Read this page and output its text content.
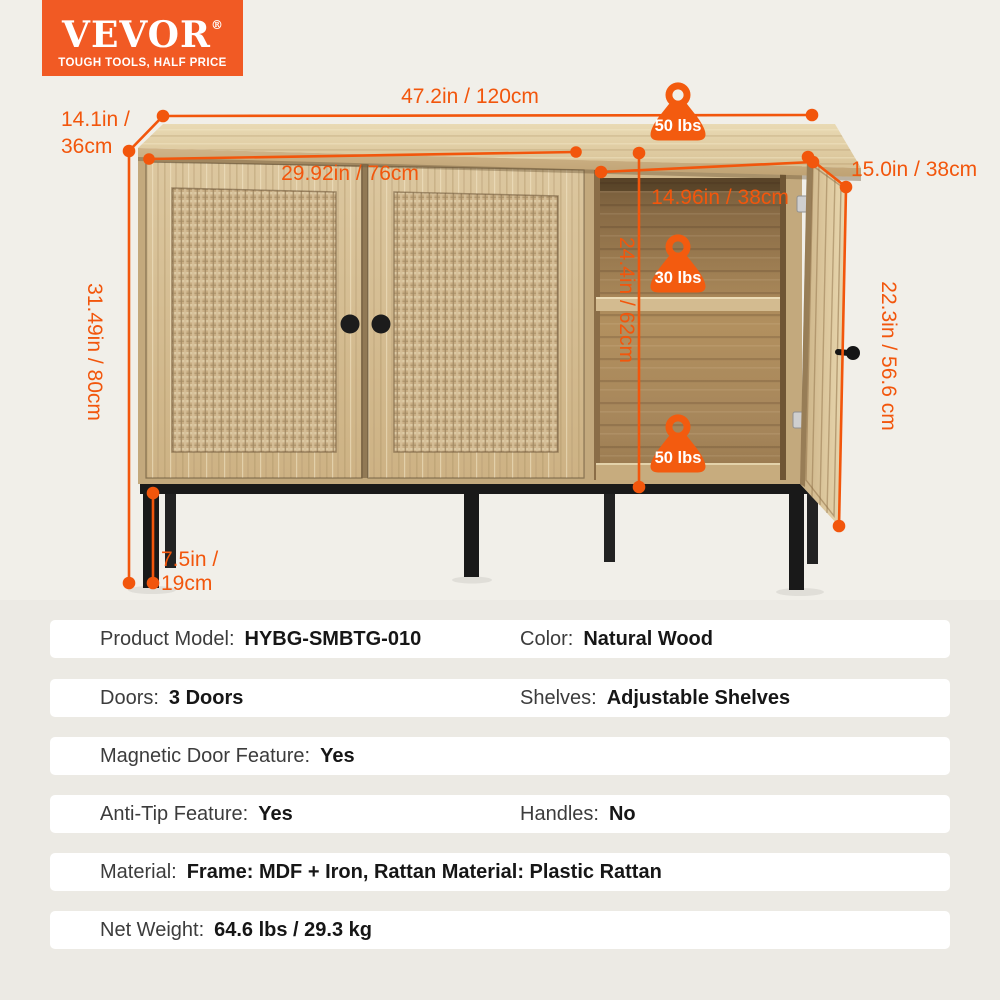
VEVOR®
TOUGH TOOLS, HALF PRICE
47.2in / 120cm
14.1in /
36cm
29.92in / 76cm
31.49in / 80cm
7.5in /
19cm
14.96in / 38cm
24.4in / 62cm
15.0in / 38cm
22.3in / 56.6 cm
50 lbs
30 lbs
50 lbs
Product Model: HYBG-SMBTG-010	Color: Natural Wood
Doors: 3 Doors	Shelves: Adjustable Shelves
Magnetic Door Feature: Yes
Anti-Tip Feature: Yes	Handles: No
Material: Frame: MDF + Iron, Rattan Material: Plastic Rattan
Net Weight: 64.6 lbs / 29.3 kg
